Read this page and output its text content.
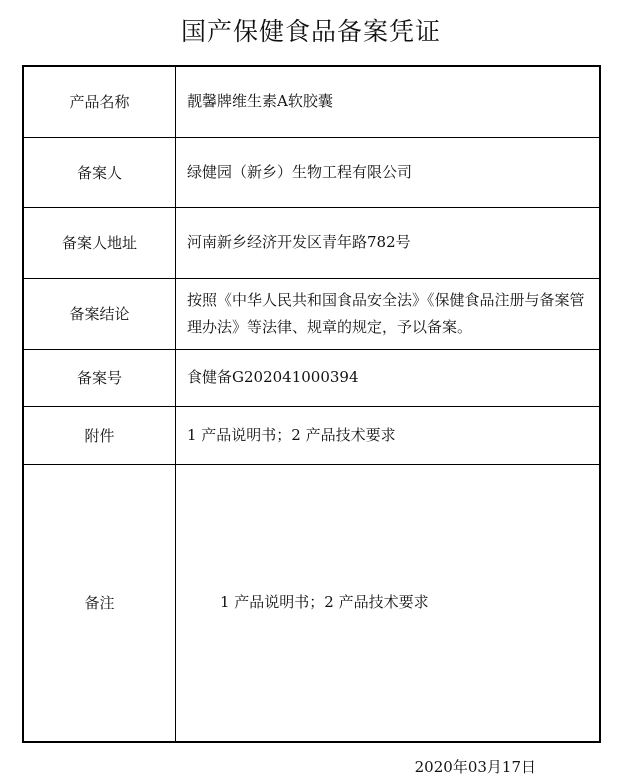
国产保健食品备案凭证
产品名称	靓馨牌维生素A软胶囊
备案人	绿健园（新乡）生物工程有限公司
备案人地址	河南新乡经济开发区青年路782号
备案结论	按照《中华人民共和国食品安全法》《保健食品注册与备案管理办法》等法律、规章的规定，予以备案。
备案号	食健备G202041000394
附件	1 产品说明书；2 产品技术要求
备注	1 产品说明书；2 产品技术要求
2020年03月17日
